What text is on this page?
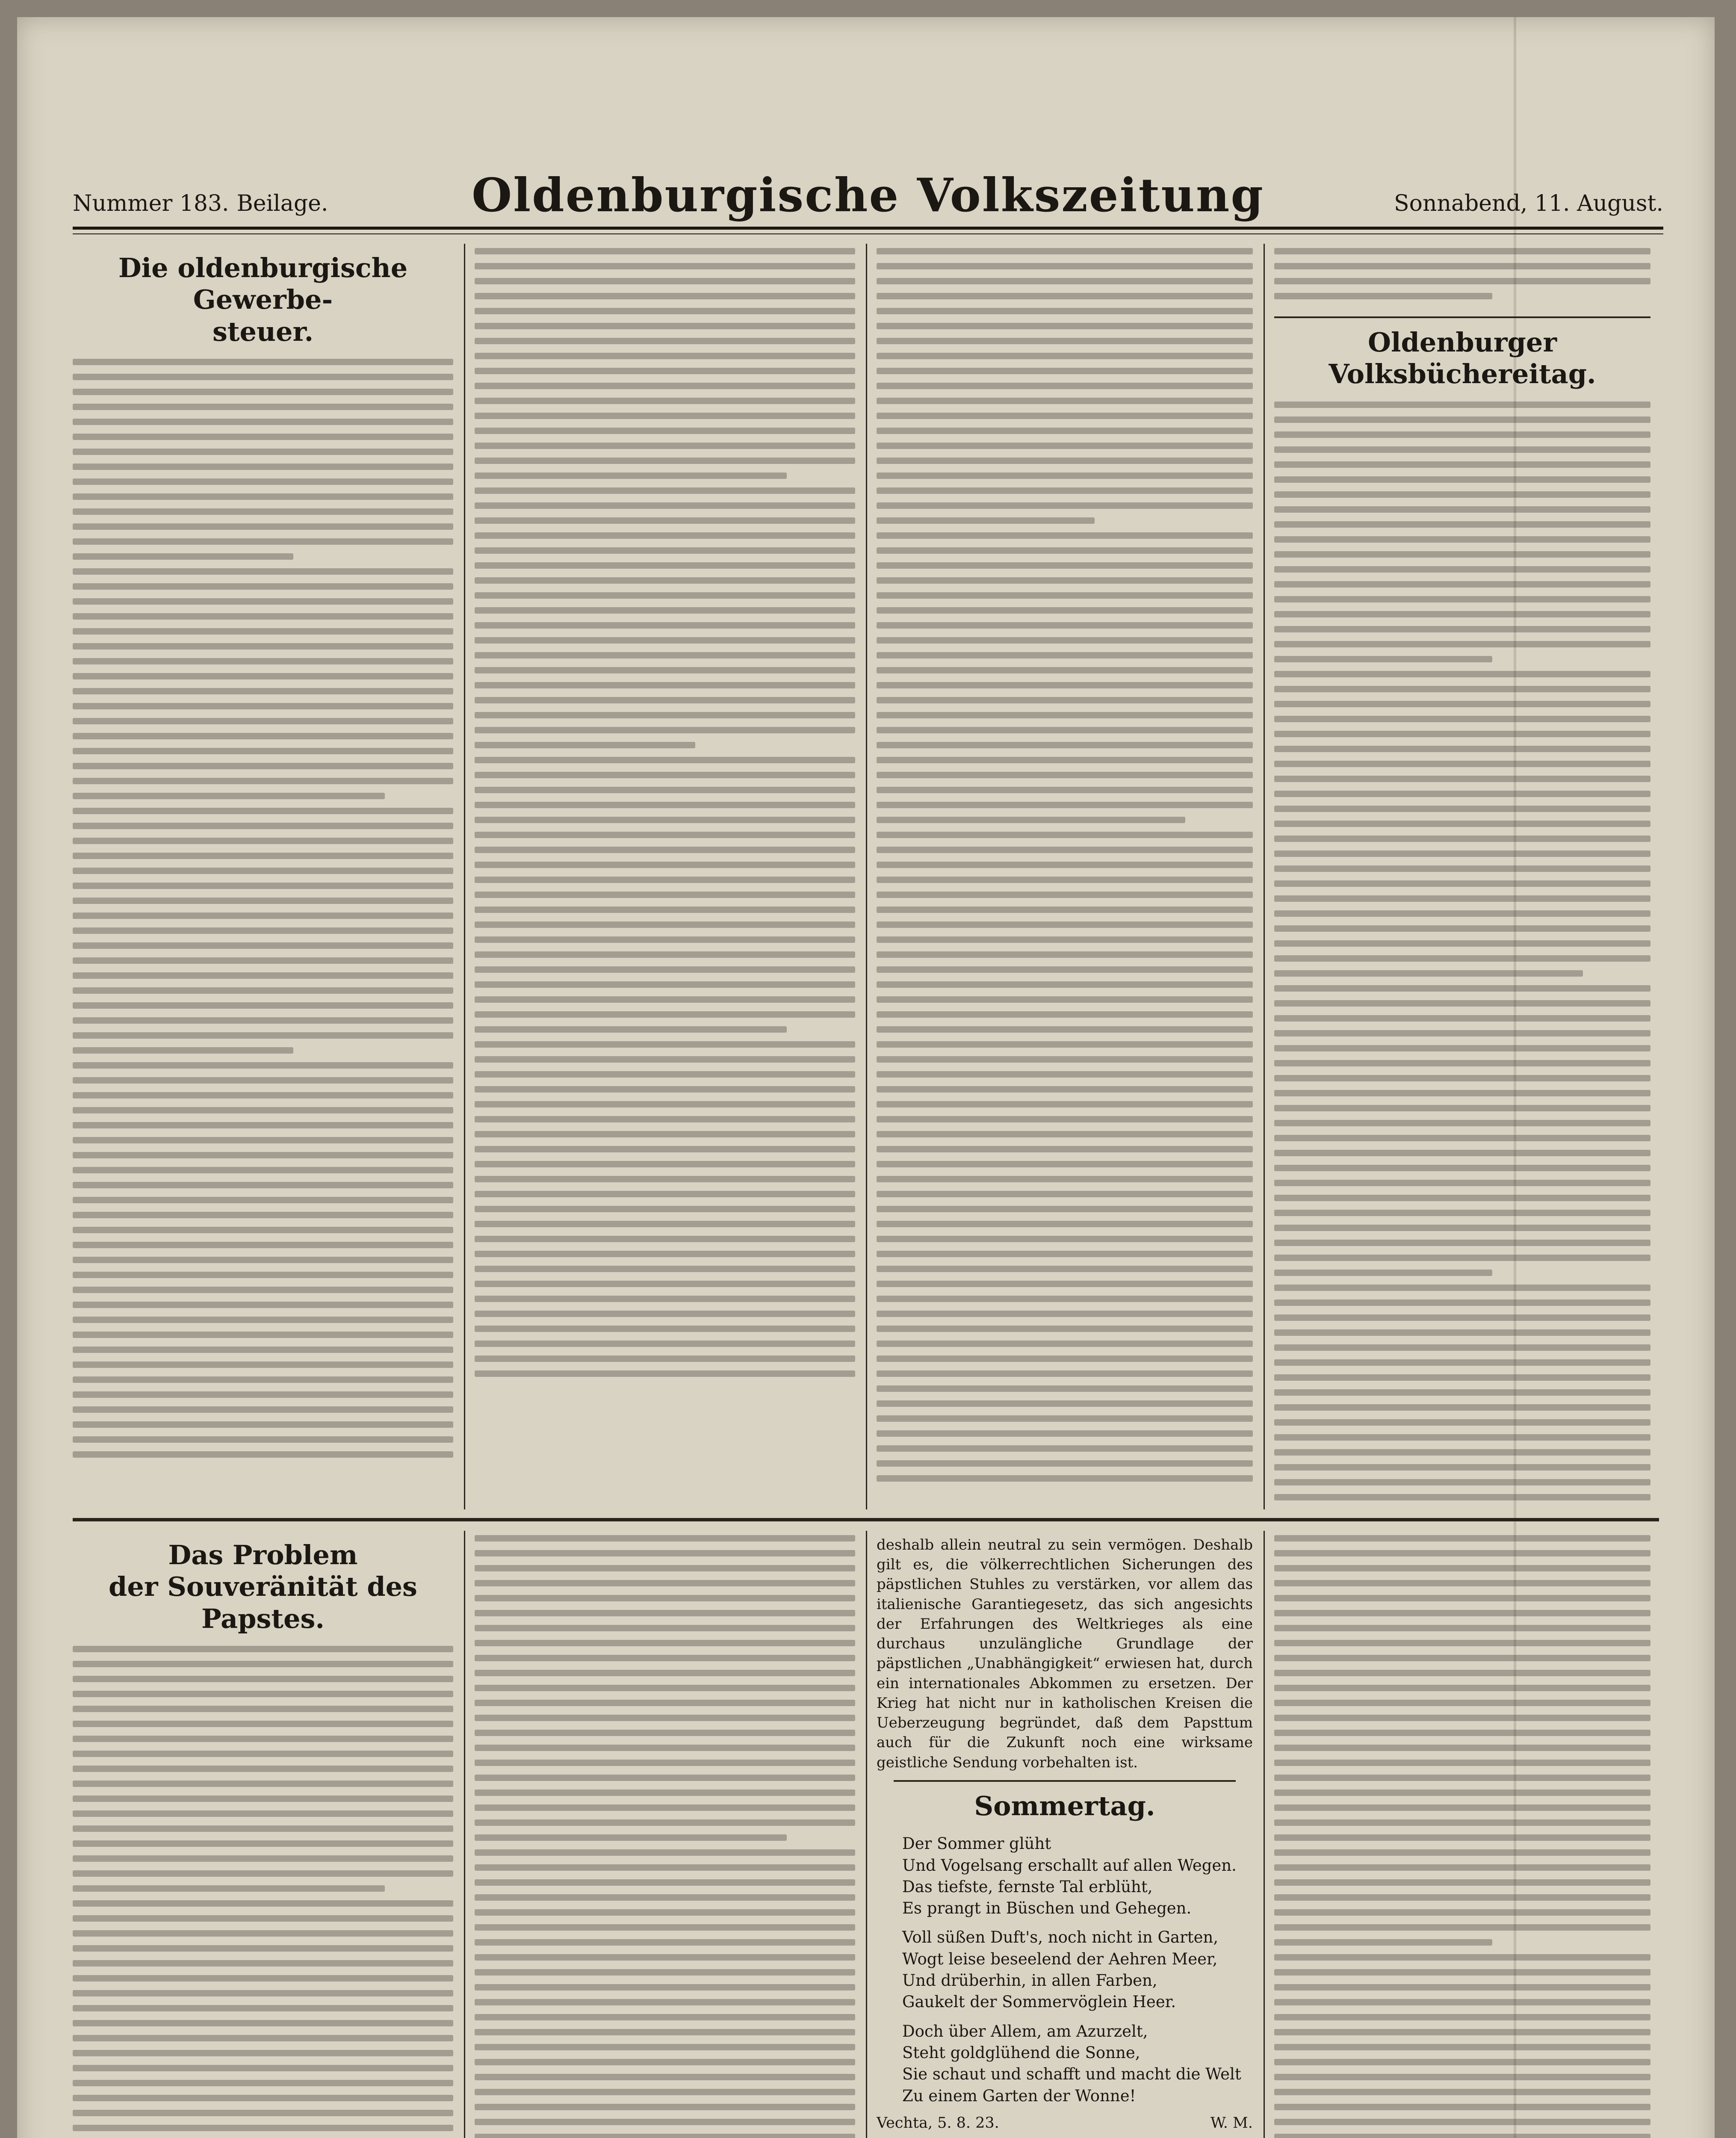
Nummer 183. Beilage.	Oldenburgische Volkszeitung	Sonnabend, 11. August.
Die oldenburgische Gewerbe-
steuer.	Oldenburger Volksbüchereitag.
Das Problem
der Souveränität des Papstes.

deshalb allein neutral zu sein vermögen. Deshalb gilt es, die völkerrechtlichen Sicherungen des päpstlichen Stuhles zu verstärken, vor allem das italienische Garantiegesetz, das sich angesichts der Erfahrungen des Weltkrieges als eine durchaus unzulängliche Grundlage der päpstlichen „Unabhängigkeit“ erwiesen hat, durch ein internationales Abkommen zu ersetzen. Der Krieg hat nicht nur in katholischen Kreisen die Ueberzeugung begründet, daß dem Papsttum auch für die Zukunft noch eine wirksame geistliche Sendung vorbehalten ist.

Sommertag.

Der Sommer glüht
Und Vogelsang erschallt auf allen Wegen.
Das tiefste, fernste Tal erblüht,
Es prangt in Büschen und Gehegen.

Voll süßen Duft's, noch nicht in Garten,
Wogt leise beseelend der Aehren Meer,
Und drüberhin, in allen Farben,
Gaukelt der Sommervöglein Heer.

Doch über Allem, am Azurzelt,
Steht goldglühend die Sonne,
Sie schaut und schafft und macht die Welt
Zu einem Garten der Wonne!

Vechta, 5. 8. 23.	W. M.
